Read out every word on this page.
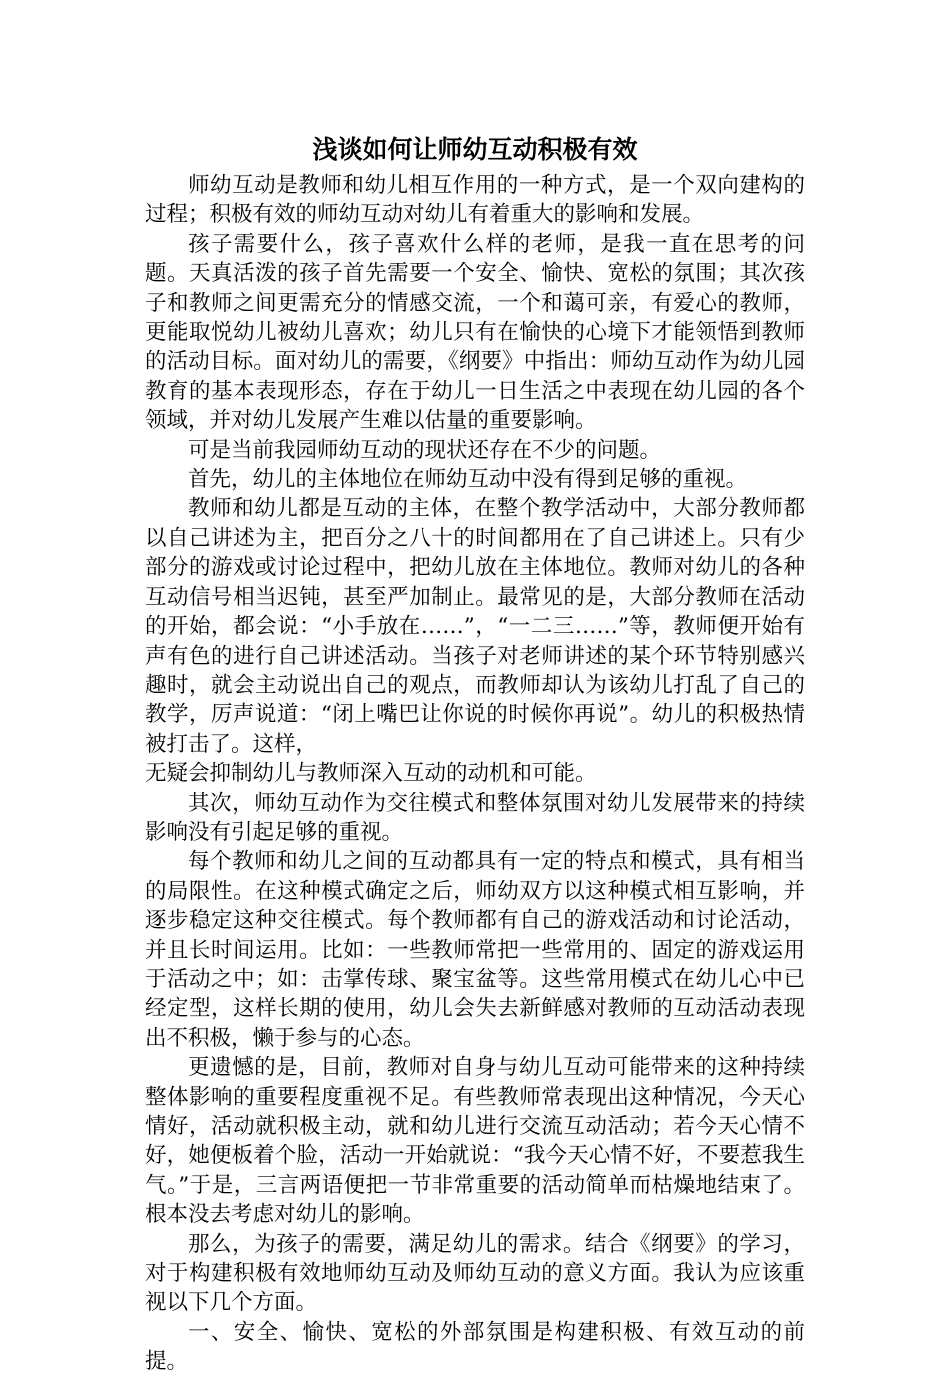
浅谈如何让师幼互动积极有效

师幼互动是教师和幼儿相互作用的一种方式，是一个双向建构的过程；积极有效的师幼互动对幼儿有着重大的影响和发展。

孩子需要什么，孩子喜欢什么样的老师，是我一直在思考的问题。天真活泼的孩子首先需要一个安全、愉快、宽松的氛围；其次孩子和教师之间更需充分的情感交流，一个和蔼可亲，有爱心的教师，更能取悦幼儿被幼儿喜欢；幼儿只有在愉快的心境下才能领悟到教师的活动目标。面对幼儿的需要，《纲要》中指出：师幼互动作为幼儿园教育的基本表现形态，存在于幼儿一日生活之中表现在幼儿园的各个领域，并对幼儿发展产生难以估量的重要影响。

可是当前我园师幼互动的现状还存在不少的问题。

首先，幼儿的主体地位在师幼互动中没有得到足够的重视。

教师和幼儿都是互动的主体，在整个教学活动中，大部分教师都以自己讲述为主，把百分之八十的时间都用在了自己讲述上。只有少部分的游戏或讨论过程中，把幼儿放在主体地位。教师对幼儿的各种互动信号相当迟钝，甚至严加制止。最常见的是，大部分教师在活动的开始，都会说：“小手放在……”，“一二三……”等，教师便开始有声有色的进行自己讲述活动。当孩子对老师讲述的某个环节特别感兴趣时，就会主动说出自己的观点，而教师却认为该幼儿打乱了自己的教学，厉声说道：“闭上嘴巴让你说的时候你再说”。幼儿的积极热情被打击了。这样，

无疑会抑制幼儿与教师深入互动的动机和可能。

其次，师幼互动作为交往模式和整体氛围对幼儿发展带来的持续影响没有引起足够的重视。

每个教师和幼儿之间的互动都具有一定的特点和模式，具有相当的局限性。在这种模式确定之后，师幼双方以这种模式相互影响，并逐步稳定这种交往模式。每个教师都有自己的游戏活动和讨论活动，并且长时间运用。比如：一些教师常把一些常用的、固定的游戏运用于活动之中；如：击掌传球、聚宝盆等。这些常用模式在幼儿心中已经定型，这样长期的使用，幼儿会失去新鲜感对教师的互动活动表现出不积极，懒于参与的心态。

更遗憾的是，目前，教师对自身与幼儿互动可能带来的这种持续整体影响的重要程度重视不足。有些教师常表现出这种情况，今天心情好，活动就积极主动，就和幼儿进行交流互动活动；若今天心情不好，她便板着个脸，活动一开始就说：“我今天心情不好，不要惹我生气。”于是，三言两语便把一节非常重要的活动简单而枯燥地结束了。根本没去考虑对幼儿的影响。

那么，为孩子的需要，满足幼儿的需求。结合《纲要》的学习，对于构建积极有效地师幼互动及师幼互动的意义方面。我认为应该重视以下几个方面。

一、安全、愉快、宽松的外部氛围是构建积极、有效互动的前提。
